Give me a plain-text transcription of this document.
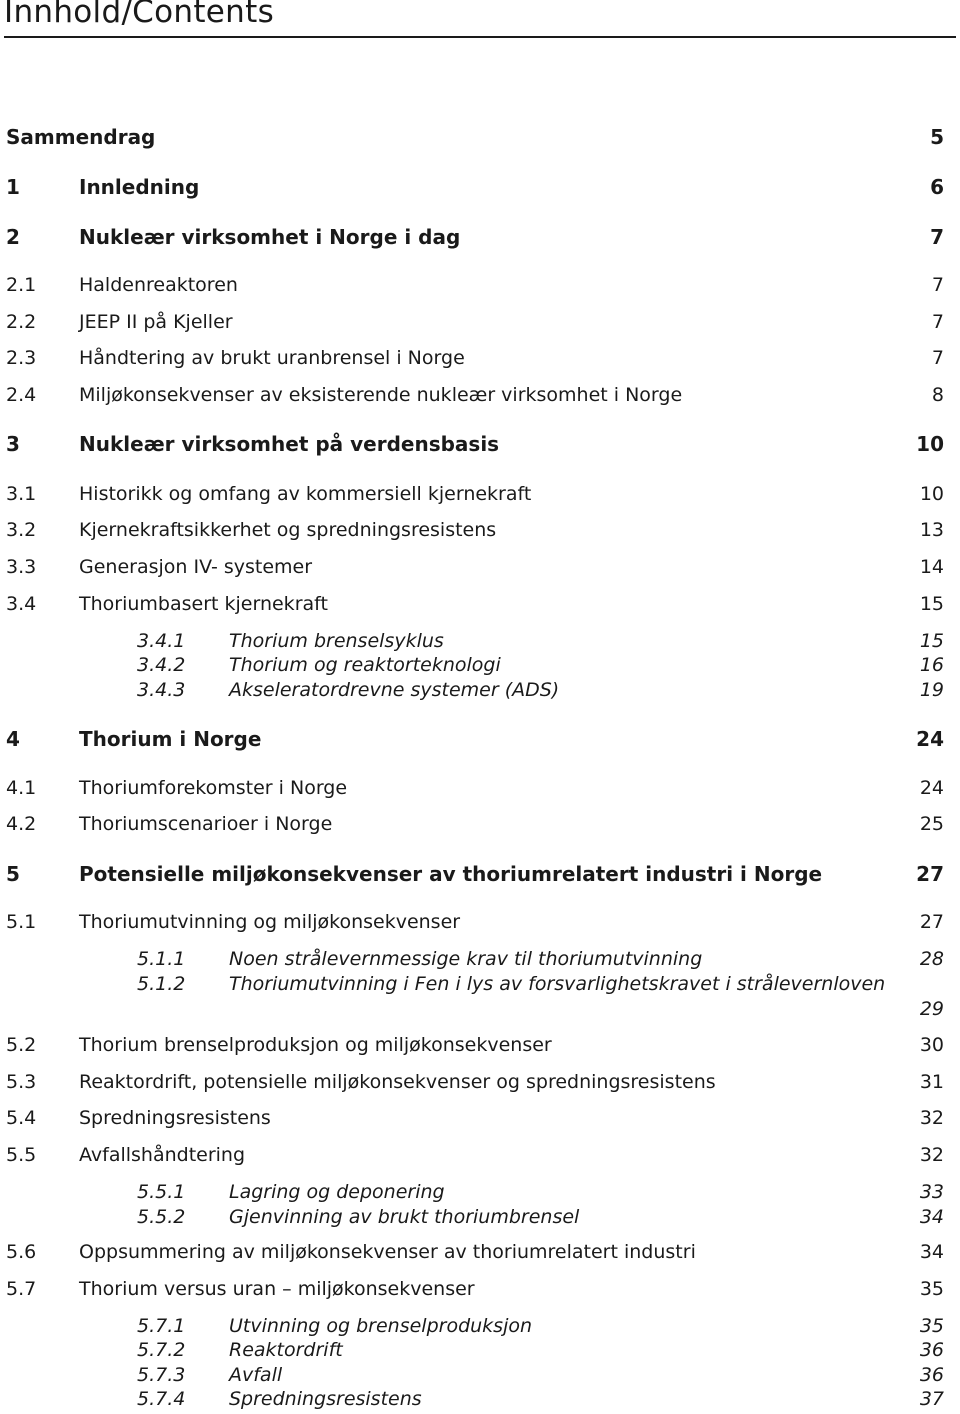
Innhold/Contents
Sammendrag	5
1	Innledning	6
2	Nukleær virksomhet i Norge i dag	7
2.1 Haldenreaktoren	7
2.2 JEEP II på Kjeller	7
2.3 Håndtering av brukt uranbrensel i Norge	7
2.4 Miljøkonsekvenser av eksisterende nukleær virksomhet i Norge	8
3	Nukleær virksomhet på verdensbasis	10
3.1 Historikk og omfang av kommersiell kjernekraft	10
3.2 Kjernekraftsikkerhet og spredningsresistens	13
3.3 Generasjon IV- systemer	14
3.4 Thoriumbasert kjernekraft	15
3.4.1 Thorium brenselsyklus	15
3.4.2 Thorium og reaktorteknologi	16
3.4.3 Akseleratordrevne systemer (ADS)	19
4	Thorium i Norge	24
4.1 Thoriumforekomster i Norge	24
4.2 Thoriumscenarioer i Norge	25
5	Potensielle miljøkonsekvenser av thoriumrelatert industri i Norge	27
5.1 Thoriumutvinning og miljøkonsekvenser	27
5.1.1 Noen strålevernmessige krav til thoriumutvinning	28
5.1.2 Thoriumutvinning i Fen i lys av forsvarlighetskravet i strålevernloven
29
5.2 Thorium brenselproduksjon og miljøkonsekvenser	30
5.3 Reaktordrift, potensielle miljøkonsekvenser og spredningsresistens	31
5.4 Spredningsresistens	32
5.5 Avfallshåndtering	32
5.5.1 Lagring og deponering	33
5.5.2 Gjenvinning av brukt thoriumbrensel	34
5.6 Oppsummering av miljøkonsekvenser av thoriumrelatert industri	34
5.7 Thorium versus uran – miljøkonsekvenser	35
5.7.1 Utvinning og brenselproduksjon	35
5.7.2 Reaktordrift	36
5.7.3 Avfall	36
5.7.4 Spredningsresistens	37
